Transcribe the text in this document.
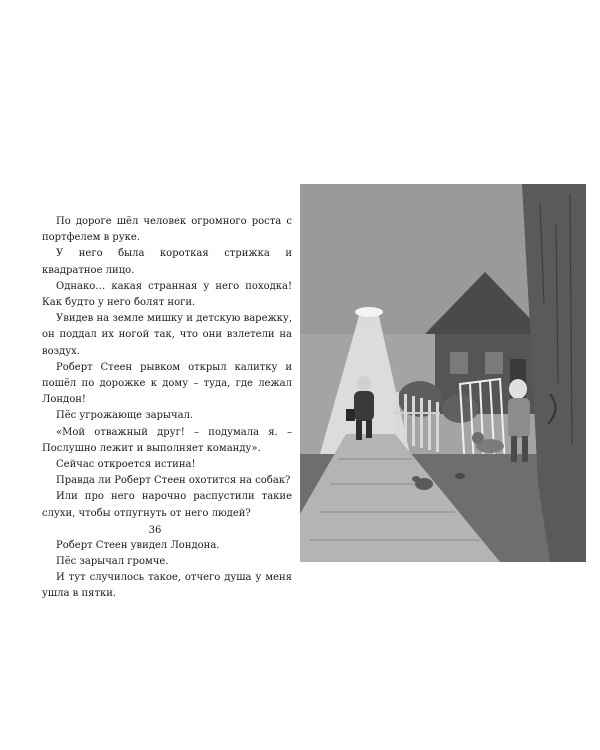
По дороге шёл человек огромного роста с портфелем в руке.

У него была короткая стрижка и квадратное лицо.

Однако… какая странная у него походка! Как будто у него болят ноги.

Увидев на земле мишку и детскую варежку, он поддал их ногой так, что они взлетели на воздух.

Роберт Стеен рывком открыл калитку и пошёл по дорожке к дому – туда, где лежал Лондон!

Пёс угрожающе зарычал.

«Мой отважный друг! – подумала я. – Послушно лежит и выполняет команду».

Сейчас откроется истина!

Правда ли Роберт Стеен охотится на собак?

Или про него нарочно распустили такие слухи, чтобы отпугнуть от него людей?

Роберт Стеен увидел Лондона.

Пёс зарычал громче.

И тут случилось такое, отчего душа у меня ушла в пятки.

36
